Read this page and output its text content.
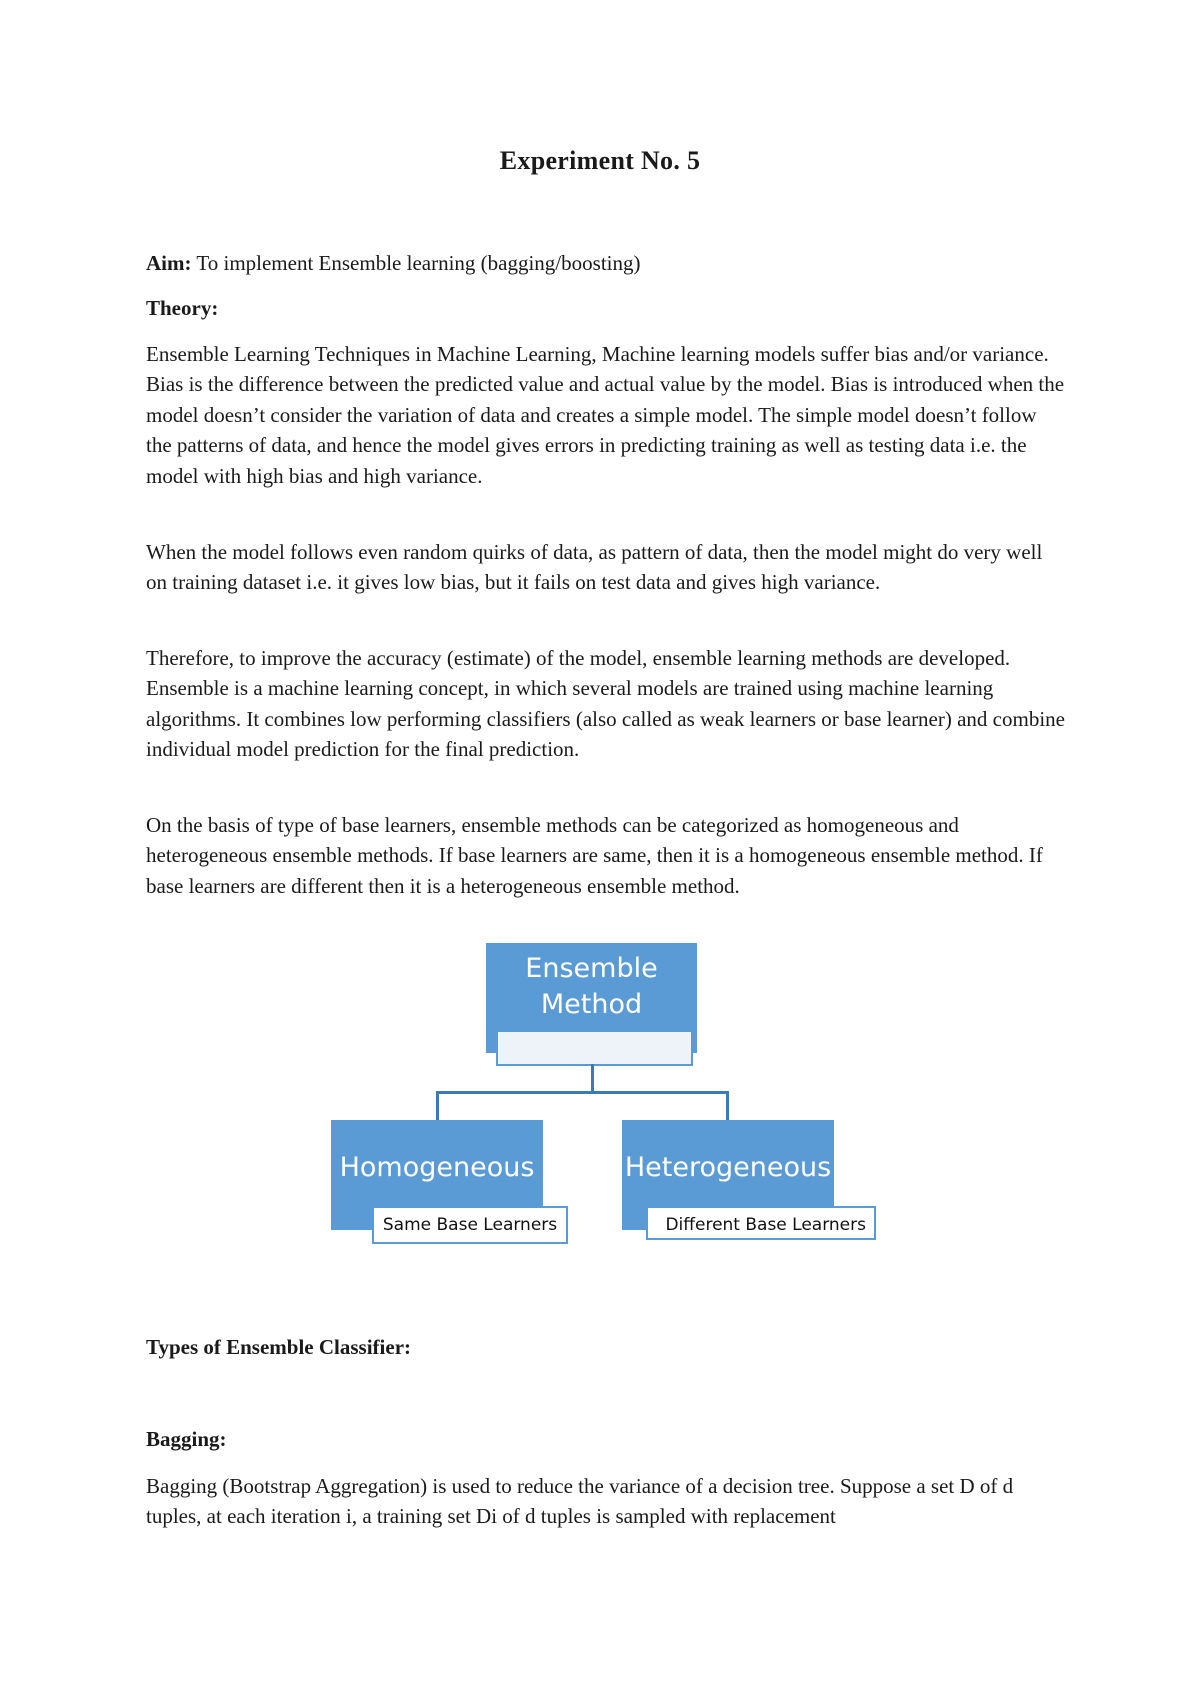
Experiment No. 5
Aim: To implement Ensemble learning (bagging/boosting)
Theory:

Ensemble Learning Techniques in Machine Learning, Machine learning models suffer bias and/or variance. Bias is the difference between the predicted value and actual value by the model. Bias is introduced when the model doesn’t consider the variation of data and creates a simple model. The simple model doesn’t follow the patterns of data, and hence the model gives errors in predicting training as well as testing data i.e. the model with high bias and high variance.

When the model follows even random quirks of data, as pattern of data, then the model might do very well on training dataset i.e. it gives low bias, but it fails on test data and gives high variance.

Therefore, to improve the accuracy (estimate) of the model, ensemble learning methods are developed. Ensemble is a machine learning concept, in which several models are trained using machine learning algorithms. It combines low performing classifiers (also called as weak learners or base learner) and combine individual model prediction for the final prediction.

On the basis of type of base learners, ensemble methods can be categorized as homogeneous and heterogeneous ensemble methods. If base learners are same, then it is a homogeneous ensemble method. If base learners are different then it is a heterogeneous ensemble method.

Ensemble
Method
Homogeneous
Same Base Learners
Heterogeneous
Different Base Learners
Types of Ensemble Classifier:
Bagging:

Bagging (Bootstrap Aggregation) is used to reduce the variance of a decision tree. Suppose a set D of d tuples, at each iteration i, a training set Di of d tuples is sampled with replacement
